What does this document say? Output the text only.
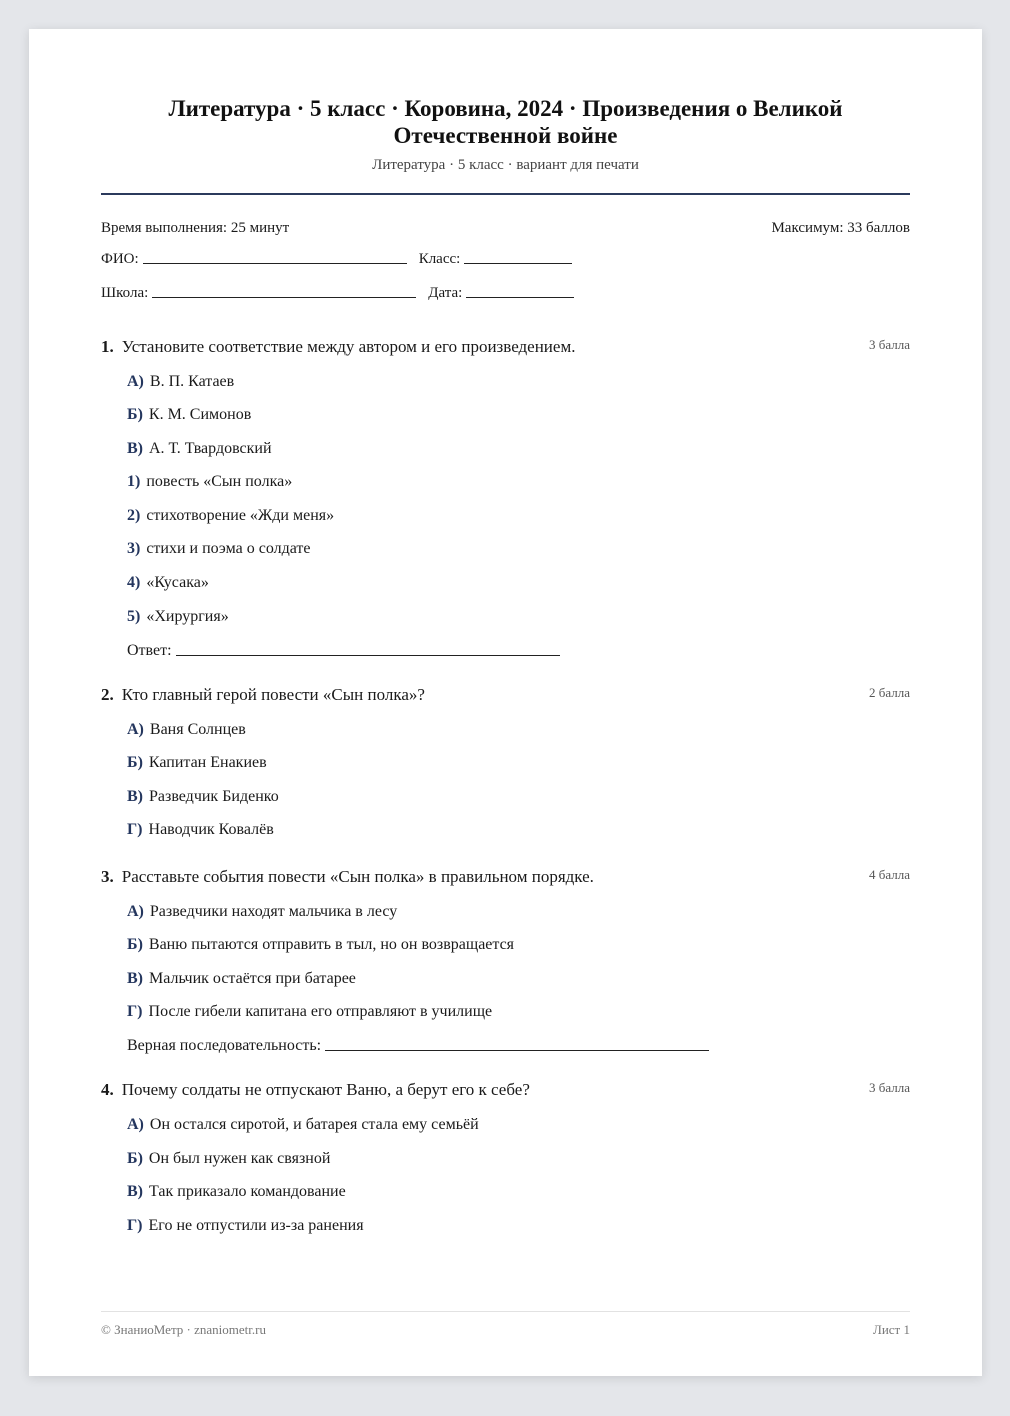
Литература · 5 класс · Коровина, 2024 · Произведения о Великой Отечественной войне
Литература · 5 класс · вариант для печати
Время выполнения: 25 минут	Максимум: 33 баллов
ФИО:	Класс:
Школа:	Дата:
1. Установите соответствие между автором и его произведением.	3 балла
А) В. П. Катаев
Б) К. М. Симонов
В) А. Т. Твардовский
1) повесть «Сын полка»
2) стихотворение «Жди меня»
3) стихи и поэма о солдате
4) «Кусака»
5) «Хирургия»
Ответ:
2. Кто главный герой повести «Сын полка»?	2 балла
А) Ваня Солнцев
Б) Капитан Енакиев
В) Разведчик Биденко
Г) Наводчик Ковалёв
3. Расставьте события повести «Сын полка» в правильном порядке.	4 балла
А) Разведчики находят мальчика в лесу
Б) Ваню пытаются отправить в тыл, но он возвращается
В) Мальчик остаётся при батарее
Г) После гибели капитана его отправляют в училище
Верная последовательность:
4. Почему солдаты не отпускают Ваню, а берут его к себе?	3 балла
А) Он остался сиротой, и батарея стала ему семьёй
Б) Он был нужен как связной
В) Так приказало командование
Г) Его не отпустили из-за ранения
© ЗнаниоМетр · znaniometr.ru	Лист 1
